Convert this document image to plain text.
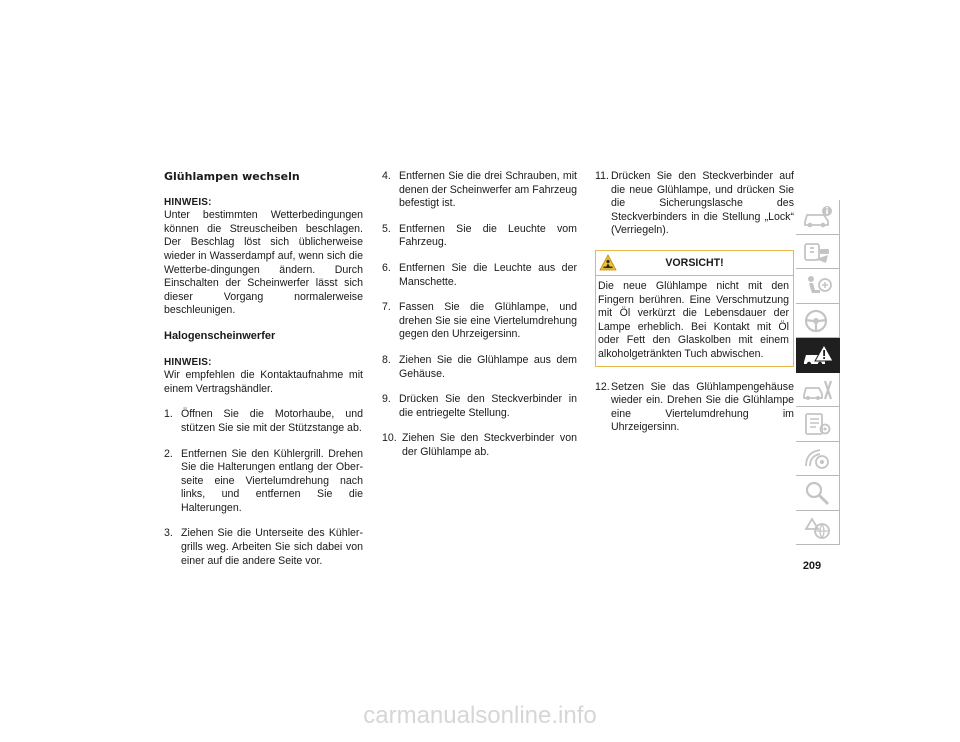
Glühlampen wechseln
HINWEIS:
Unter bestimmten Wetterbedingungen können die Streuscheiben beschlagen. Der Beschlag löst sich üblicherweise wieder in Wasserdampf auf, wenn sich die Wetterbe-dingungen ändern. Durch Einschalten der Scheinwerfer lässt sich dieser Vorgang normalerweise beschleunigen.
Halogenscheinwerfer
HINWEIS:
Wir empfehlen die Kontaktaufnahme mit einem Vertragshändler.
1. Öffnen Sie die Motorhaube, und stützen Sie sie mit der Stützstange ab.
2. Entfernen Sie den Kühlergrill. Drehen Sie die Halterungen entlang der Ober-seite eine Viertelumdrehung nach links, und entfernen Sie die Halterungen.
3. Ziehen Sie die Unterseite des Kühler-grills weg. Arbeiten Sie sich dabei von einer auf die andere Seite vor.
4. Entfernen Sie die drei Schrauben, mit denen der Scheinwerfer am Fahrzeug befestigt ist.
5. Entfernen Sie die Leuchte vom Fahrzeug.
6. Entfernen Sie die Leuchte aus der Manschette.
7. Fassen Sie die Glühlampe, und drehen Sie sie eine Viertelumdrehung gegen den Uhrzeigersinn.
8. Ziehen Sie die Glühlampe aus dem Gehäuse.
9. Drücken Sie den Steckverbinder in die entriegelte Stellung.
10. Ziehen Sie den Steckverbinder von der Glühlampe ab.
11. Drücken Sie den Steckverbinder auf die neue Glühlampe, und drücken Sie die Sicherungslasche des Steckverbinders in die Stellung „Lock“ (Verriegeln).
VORSICHT!
Die neue Glühlampe nicht mit den Fingern berühren. Eine Verschmutzung mit Öl verkürzt die Lebensdauer der Lampe erheblich. Bei Kontakt mit Öl oder Fett den Glaskolben mit einem alkoholgetränkten Tuch abwischen.
12. Setzen Sie das Glühlampengehäuse wieder ein. Drehen Sie die Glühlampe eine Viertelumdrehung im Uhrzeigersinn.
209
carmanualsonline.info
